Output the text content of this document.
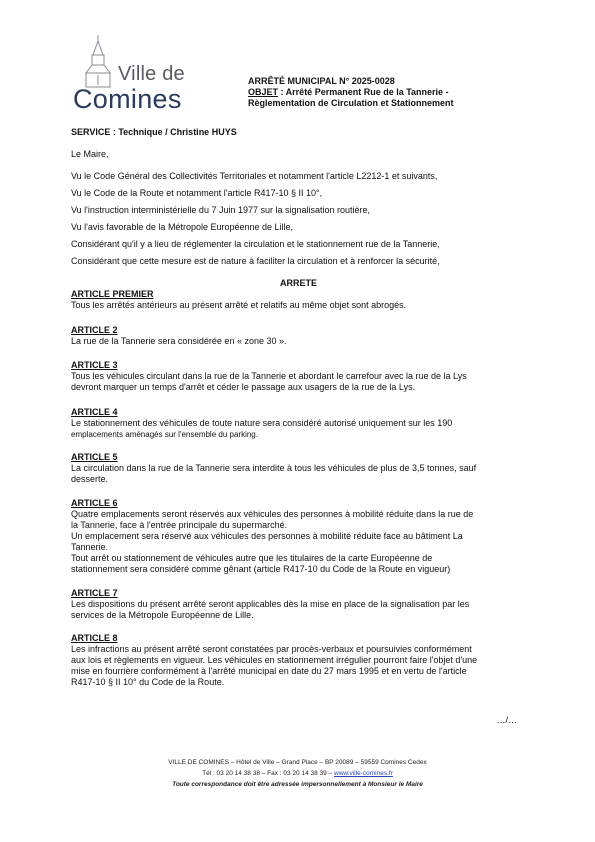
Ville de
Comines
ARRÊTÉ MUNICIPAL N° 2025-0028
OBJET : Arrêté Permanent Rue de la Tannerie -
Règlementation de Circulation et Stationnement
SERVICE : Technique / Christine HUYS
Le Maire,
Vu le Code Général des Collectivités Territoriales et notamment l'article L2212-1 et suivants,
Vu le Code de la Route et notamment l'article R417-10 § II 10°,
Vu l'instruction interministérielle du 7 Juin 1977 sur la signalisation routière,
Vu l'avis favorable de la Métropole Européenne de Lille,
Considérant qu'il y a lieu de réglementer la circulation et le stationnement rue de la Tannerie,
Considérant que cette mesure est de nature à faciliter la circulation et à renforcer la sécurité,
ARRETE
ARTICLE PREMIER
Tous les arrêtés antérieurs au présent arrêté et relatifs au même objet sont abrogés.
ARTICLE 2
La rue de la Tannerie sera considérée en « zone 30 ».
ARTICLE 3
Tous les véhicules circulant dans la rue de la Tannerie et abordant le carrefour avec la rue de la Lys
devront marquer un temps d'arrêt et céder le passage aux usagers de la rue de la Lys.
ARTICLE 4
Le stationnement des véhicules de toute nature sera considéré autorisé uniquement sur les 190
emplacements aménagés sur l'ensemble du parking.
ARTICLE 5
La circulation dans la rue de la Tannerie sera interdite à tous les véhicules de plus de 3,5 tonnes, sauf
desserte.
ARTICLE 6
Quatre emplacements seront réservés aux véhicules des personnes à mobilité réduite dans la rue de
la Tannerie, face à l'entrée principale du supermarché.
Un emplacement sera réservé aux véhicules des personnes à mobilité réduite face au bâtiment La
Tannerie.
Tout arrêt ou stationnement de véhicules autre que les titulaires de la carte Européenne de
stationnement sera considéré comme gênant (article R417-10 du Code de la Route en vigueur)
ARTICLE 7
Les dispositions du présent arrêté seront applicables dès la mise en place de la signalisation par les
services de la Métropole Européenne de Lille.
ARTICLE 8
Les infractions au présent arrêté seront constatées par procès-verbaux et poursuivies conformément
aux lois et règlements en vigueur. Les véhicules en stationnement irrégulier pourront faire l'objet d'une
mise en fourrière conformément à l'arrêté municipal en date du 27 mars 1995 et en vertu de l'article
R417-10 § II 10° du Code de la Route.
…/…
VILLE DE COMINES – Hôtel de Ville – Grand Place – BP 20089 – 59559 Comines Cedex
Tél : 03 20 14 38 38 – Fax : 03 20 14 38 39 – www.ville-comines.fr
Toute correspondance doit être adressée impersonnellement à Monsieur le Maire
